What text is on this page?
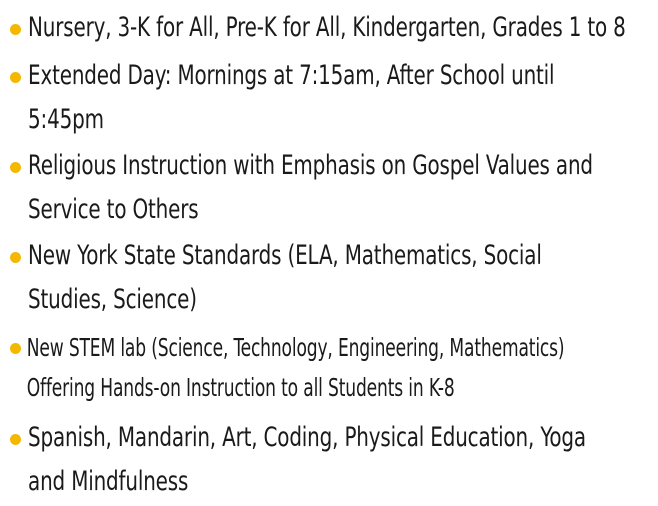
Nursery, 3-K for All, Pre-K for All, Kindergarten, Grades 1 to 8
Extended Day: Mornings at 7:15am, After School until
5:45pm
Religious Instruction with Emphasis on Gospel Values and
Service to Others
New York State Standards (ELA, Mathematics, Social
Studies, Science)
New STEM lab (Science, Technology, Engineering, Mathematics)
Offering Hands-on Instruction to all Students in K-8
Spanish, Mandarin, Art, Coding, Physical Education, Yoga
and Mindfulness
